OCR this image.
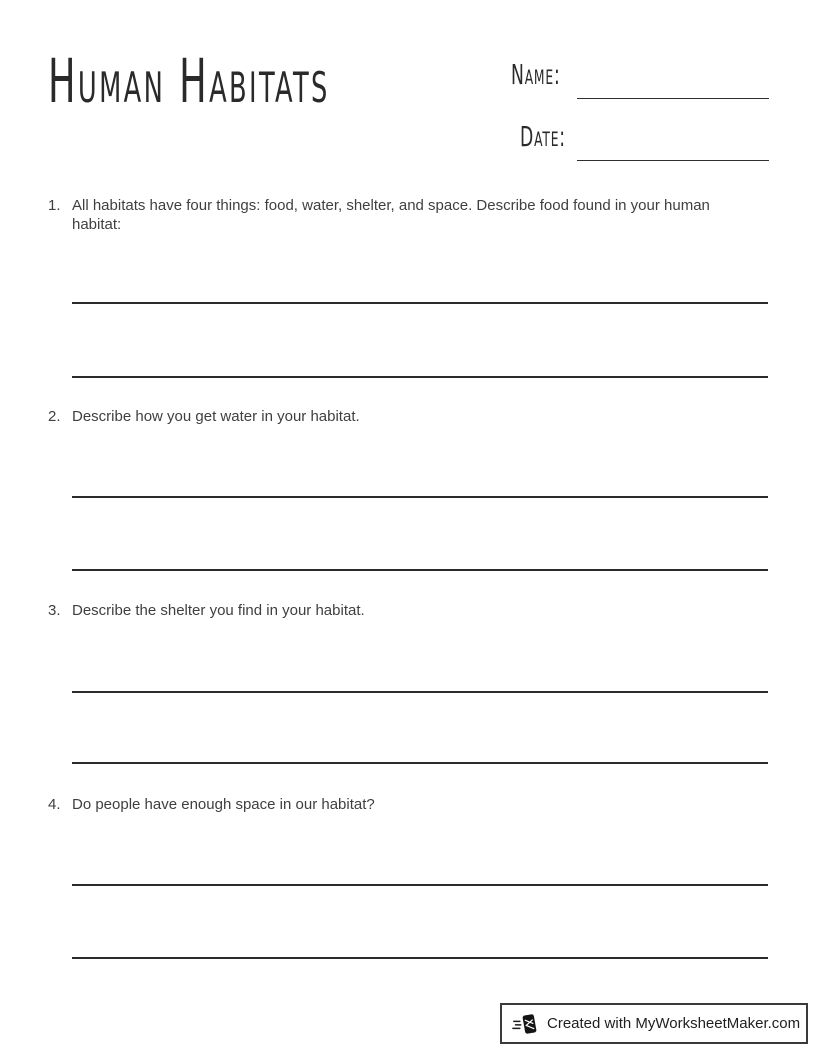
Human Habitats	Name:
Date:
1. All habitats have four things: food, water, shelter, and space. Describe food found in your human habitat:
2. Describe how you get water in your habitat.
3. Describe the shelter you find in your habitat.
4. Do people have enough space in our habitat?
Created with MyWorksheetMaker.com
